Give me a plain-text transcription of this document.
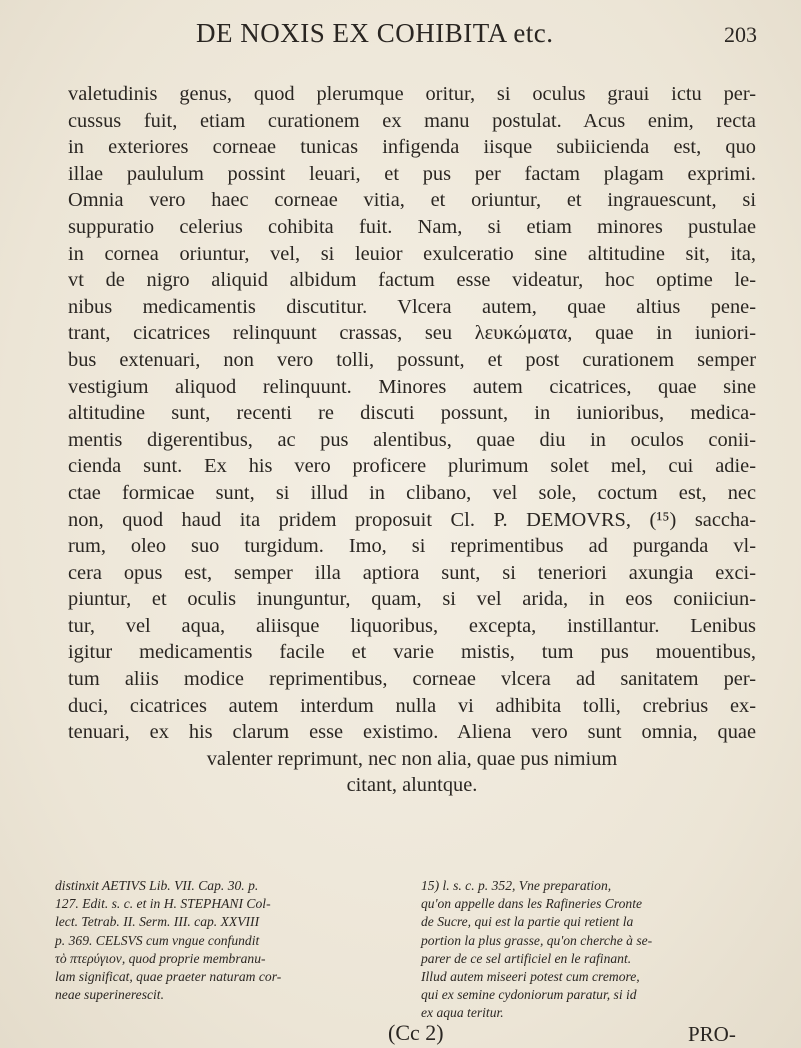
DE NOXIS EX COHIBITA etc.	203
valetudinis genus, quod plerumque oritur, si oculus graui ictu per-
cussus fuit, etiam curationem ex manu postulat. Acus enim, recta
in exteriores corneae tunicas infigenda iisque subiicienda est, quo
illae paululum possint leuari, et pus per factam plagam exprimi.
Omnia vero haec corneae vitia, et oriuntur, et ingrauescunt, si
suppuratio celerius cohibita fuit. Nam, si etiam minores pustulae
in cornea oriuntur, vel, si leuior exulceratio sine altitudine sit, ita,
vt de nigro aliquid albidum factum esse videatur, hoc optime le-
nibus medicamentis discutitur. Vlcera autem, quae altius pene-
trant, cicatrices relinquunt crassas, seu λευκώματα, quae in iuniori-
bus extenuari, non vero tolli, possunt, et post curationem semper
vestigium aliquod relinquunt. Minores autem cicatrices, quae sine
altitudine sunt, recenti re discuti possunt, in iunioribus, medica-
mentis digerentibus, ac pus alentibus, quae diu in oculos conii-
cienda sunt. Ex his vero proficere plurimum solet mel, cui adie-
ctae formicae sunt, si illud in clibano, vel sole, coctum est, nec
non, quod haud ita pridem proposuit Cl. P. DEMOVRS, (¹⁵) saccha-
rum, oleo suo turgidum. Imo, si reprimentibus ad purganda vl-
cera opus est, semper illa aptiora sunt, si teneriori axungia exci-
piuntur, et oculis inunguntur, quam, si vel arida, in eos coniiciun-
tur, vel aqua, aliisque liquoribus, excepta, instillantur. Lenibus
igitur medicamentis facile et varie mistis, tum pus mouentibus,
tum aliis modice reprimentibus, corneae vlcera ad sanitatem per-
duci, cicatrices autem interdum nulla vi adhibita tolli, crebrius ex-
tenuari, ex his clarum esse existimo. Aliena vero sunt omnia, quae
valenter reprimunt, nec non alia, quae pus nimium
citant, aluntque.
distinxit AETIVS Lib. VII. Cap. 30. p.
127. Edit. s. c. et in H. STEPHANI Col-
lect. Tetrab. II. Serm. III. cap. XXVIII
p. 369. CELSVS cum vngue confundit
τὸ πτερύγιον, quod proprie membranu-
lam significat, quae praeter naturam cor-
neae superinerescit.
15) l. s. c. p. 352, Vne preparation,
qu'on appelle dans les Rafineries Cronte
de Sucre, qui est la partie qui retient la
portion la plus grasse, qu'on cherche à se-
parer de ce sel artificiel en le rafinant.
Illud autem miseeri potest cum cremore,
qui ex semine cydoniorum paratur, si id
ex aqua teritur.
(Cc 2)	PRO-
